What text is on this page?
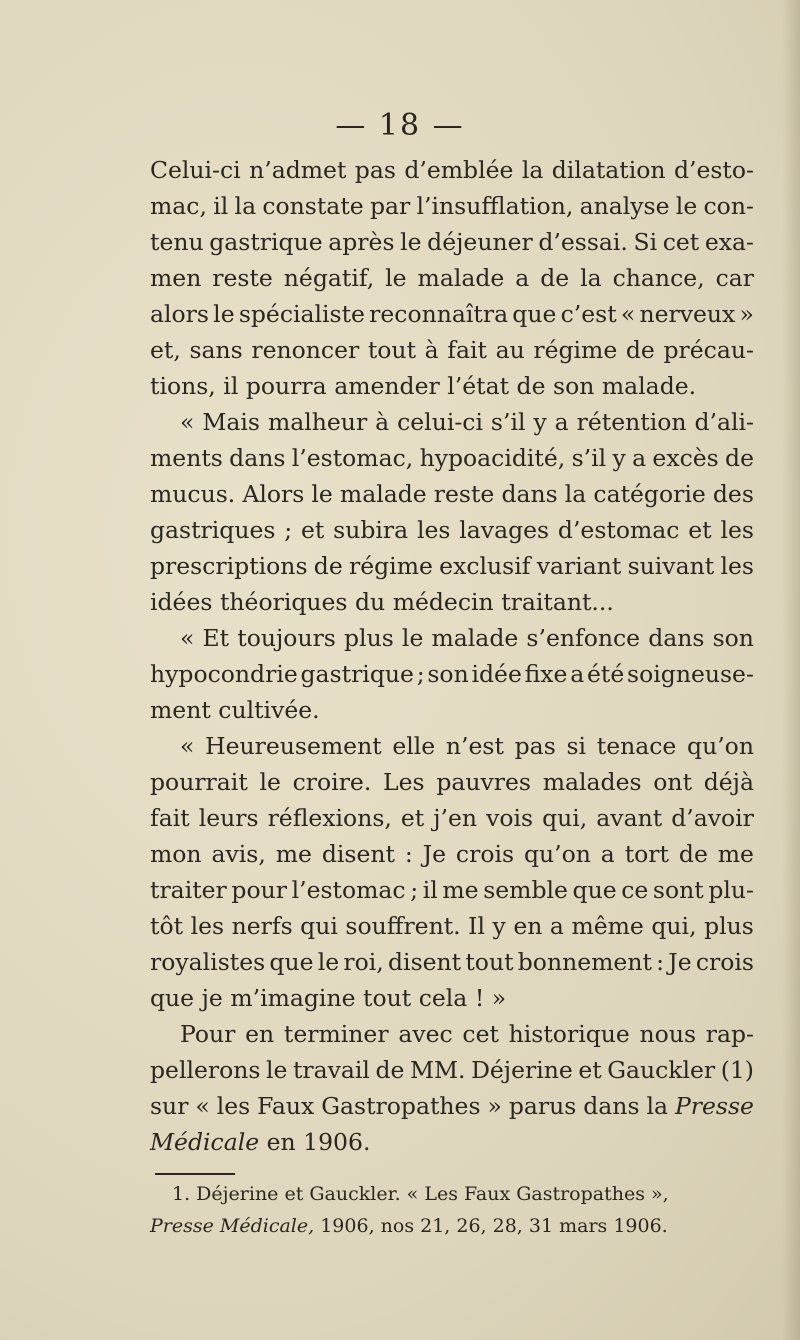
— 18 —
Celui-ci n’admet pas d’emblée la dilatation d’esto-
mac, il la constate par l’insufflation, analyse le con-
tenu gastrique après le déjeuner d’essai. Si cet exa-
men reste négatif, le malade a de la chance, car
alors le spécialiste reconnaîtra que c’est « nerveux »
et, sans renoncer tout à fait au régime de précau-
tions, il pourra amender l’état de son malade.
« Mais malheur à celui-ci s’il y a rétention d’ali-
ments dans l’estomac, hypoacidité, s’il y a excès de
mucus. Alors le malade reste dans la catégorie des
gastriques ; et subira les lavages d’estomac et les
prescriptions de régime exclusif variant suivant les
idées théoriques du médecin traitant...
« Et toujours plus le malade s’enfonce dans son
hypocondrie gastrique ; son idée fixe a été soigneuse-
ment cultivée.
« Heureusement elle n’est pas si tenace qu’on
pourrait le croire. Les pauvres malades ont déjà
fait leurs réflexions, et j’en vois qui, avant d’avoir
mon avis, me disent : Je crois qu’on a tort de me
traiter pour l’estomac ; il me semble que ce sont plu-
tôt les nerfs qui souffrent. Il y en a même qui, plus
royalistes que le roi, disent tout bonnement : Je crois
que je m’imagine tout cela ! »
Pour en terminer avec cet historique nous rap-
pellerons le travail de MM. Déjerine et Gauckler (1)
sur « les Faux Gastropathes » parus dans la Presse
Médicale en 1906.
1. Déjerine et Gauckler. « Les Faux Gastropathes »,
Presse Médicale, 1906, nos 21, 26, 28, 31 mars 1906.
